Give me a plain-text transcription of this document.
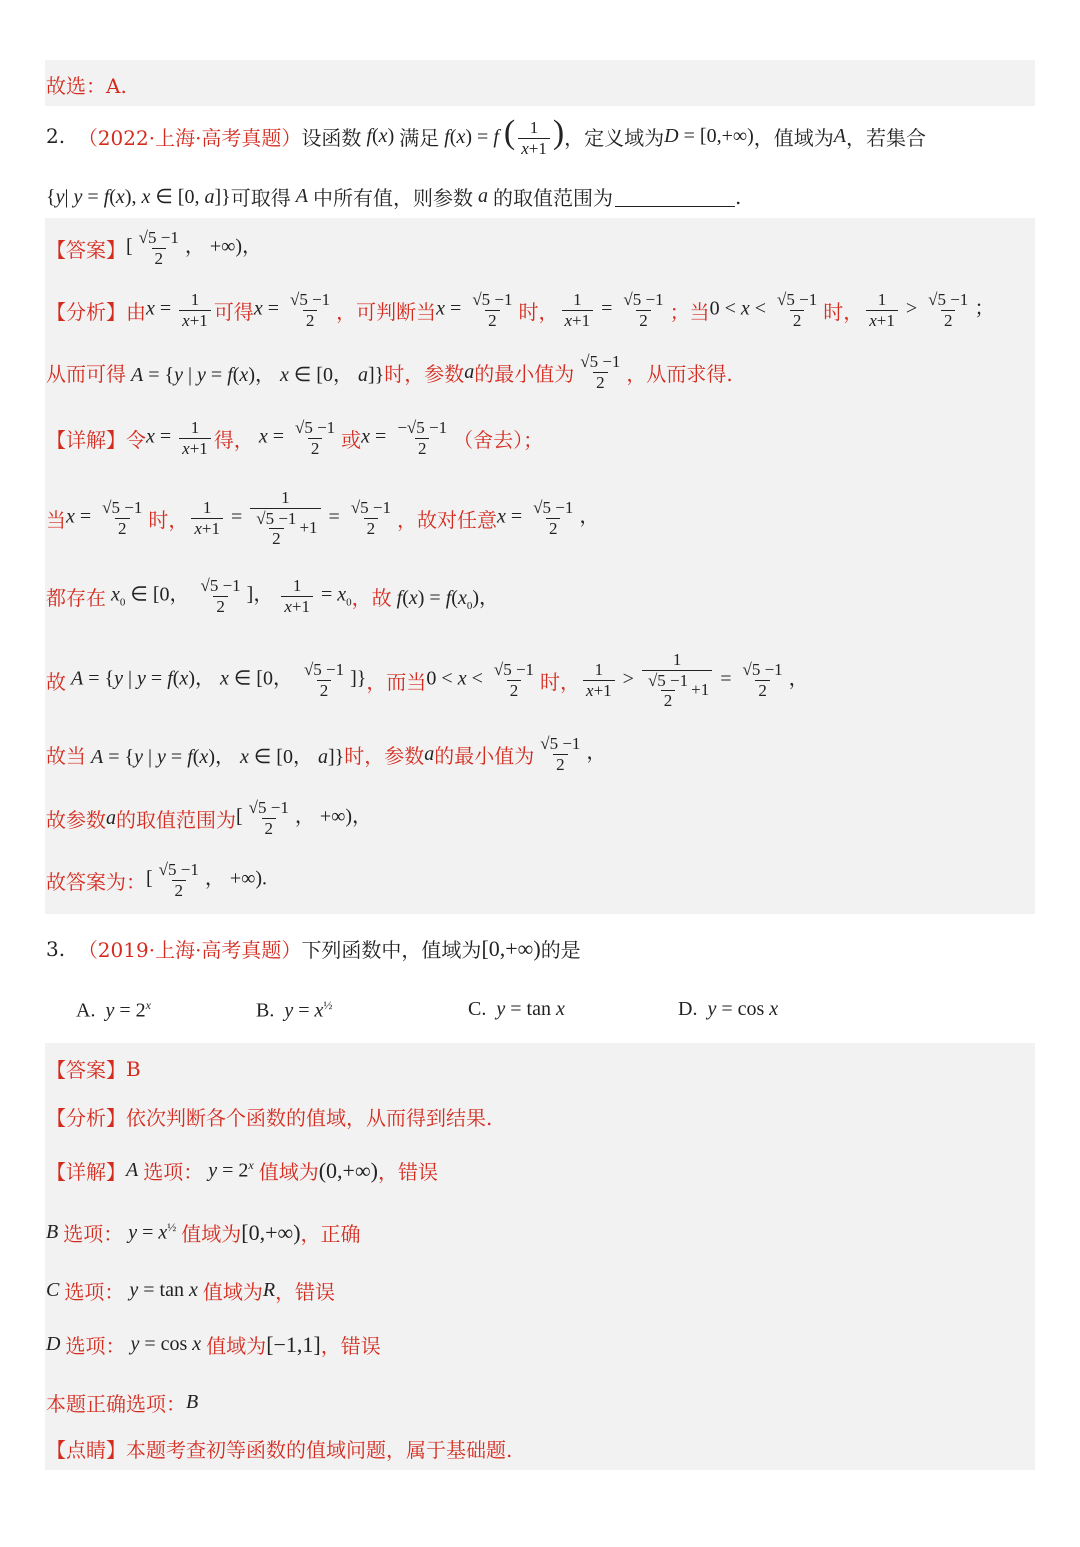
故选：A.
2.
（2022·上海·高考真题） 设函数 f(x) 满足 f(x) = f ( $\frac{1}{x+1}$ ) ，定义域为 D = [0,+∞) ，值域为 A ，若集合
{y| y = f(x), x ∈ [0, a]} 可取得 A 中所有值，则参数 a 的取值范围为	.
【答案】 [ $\frac{√5 -1}{2}$ ， +∞)，
【分析】 由 $x = \frac{1}{x+1}$ 可得 $x = \frac{√5 -1}{2}$ ，可判断当 $x = \frac{√5 -1}{2}$ 时， $\frac{1}{x+1} = \frac{√5 -1}{2}$ ；当 $0 < x < \frac{√5 -1}{2}$ 时， $\frac{1}{x+1} > \frac{√5 -1}{2}$ ；
从而可得 A = {y | y = f(x)， x ∈ [0， a]} 时，参数 a 的最小值为 $\frac{√5 -1}{2}$ ，从而求得.
【详解】 令 $x = \frac{1}{x+1}$ 得， $x = \frac{√5 -1}{2}$ 或 $x = \frac{-√5 -1}{2}$ （舍去）；
当 $x = \frac{√5 -1}{2}$ 时， $\frac{1}{x+1} = \frac{1}{\frac{√5 -1}{2} +1} = \frac{√5 -1}{2}$ ，故对任意 $x = \frac{√5 -1}{2}$ ，
都存在 $x_0$ ∈ [0， $\frac{√5 -1}{2}$ ]， $\frac{1}{x+1} = x_0$ ，故 $f(x) = f(x_0)$，
故 A = {y | y = f(x)， x ∈ [0， $\frac{√5 -1}{2}$ ]} ，而当 $0 < x < \frac{√5 -1}{2}$ 时， $\frac{1}{x+1} > \frac{1}{\frac{√5 -1}{2} +1} = \frac{√5 -1}{2}$ ，
故当 A = {y | y = f(x)， x ∈ [0， a]} 时，参数 a 的最小值为 $\frac{√5 -1}{2}$ ，
故参数 a 的取值范围为 [ $\frac{√5 -1}{2}$ ， +∞)，
故答案为： [ $\frac{√5 -1}{2}$ ， +∞).
3.
（2019·上海·高考真题） 下列函数中，值域为 [0,+∞) 的是
A. $y = 2^x$	B. $y = x^{\frac{1}{2}}$	C. y = tan x	D. y = cos x
【答案】 B
【分析】 依次判断各个函数的值域，从而得到结果.
【详解】 A 选项： $y = 2^x$ 值域为 (0,+∞) ，错误
B 选项： $y = x^{\frac{1}{2}}$ 值域为 [0,+∞) ，正确
C 选项： y = tan x 值域为 R ，错误
D 选项： y = cos x 值域为 [−1,1] ，错误
本题正确选项： B
【点睛】 本题考查初等函数的值域问题，属于基础题.
